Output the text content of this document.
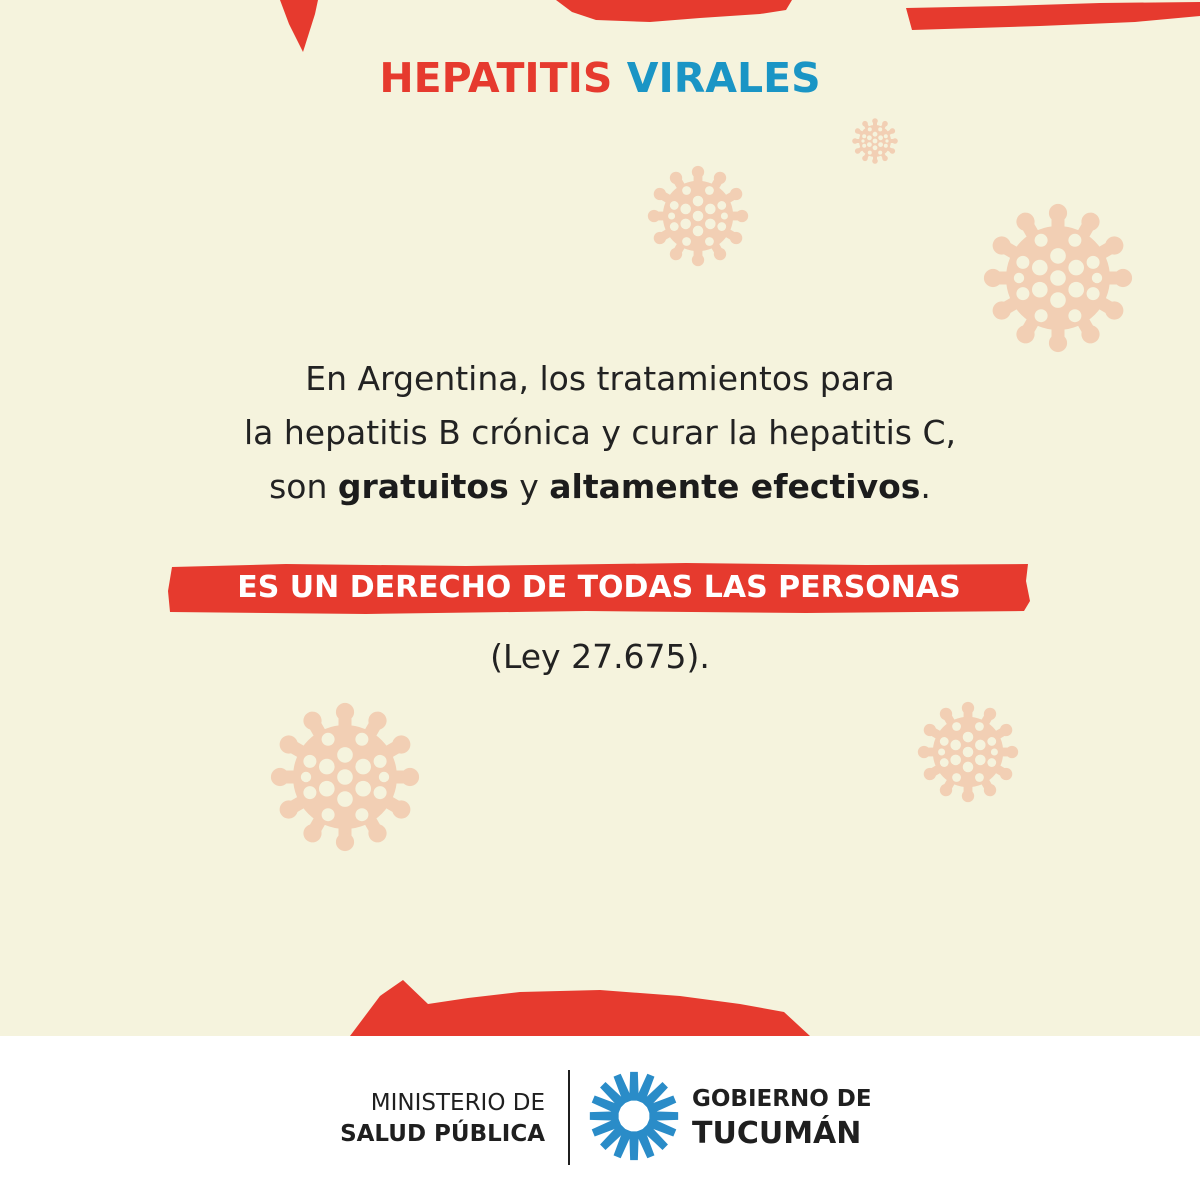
HEPATITIS VIRALES
En Argentina, los tratamientos para
la hepatitis B crónica y curar la hepatitis C,
son gratuitos y altamente efectivos.
ES UN DERECHO DE TODAS LAS PERSONAS
(Ley 27.675).
MINISTERIO DE
SALUD PÚBLICA
GOBIERNO DE
TUCUMÁN
